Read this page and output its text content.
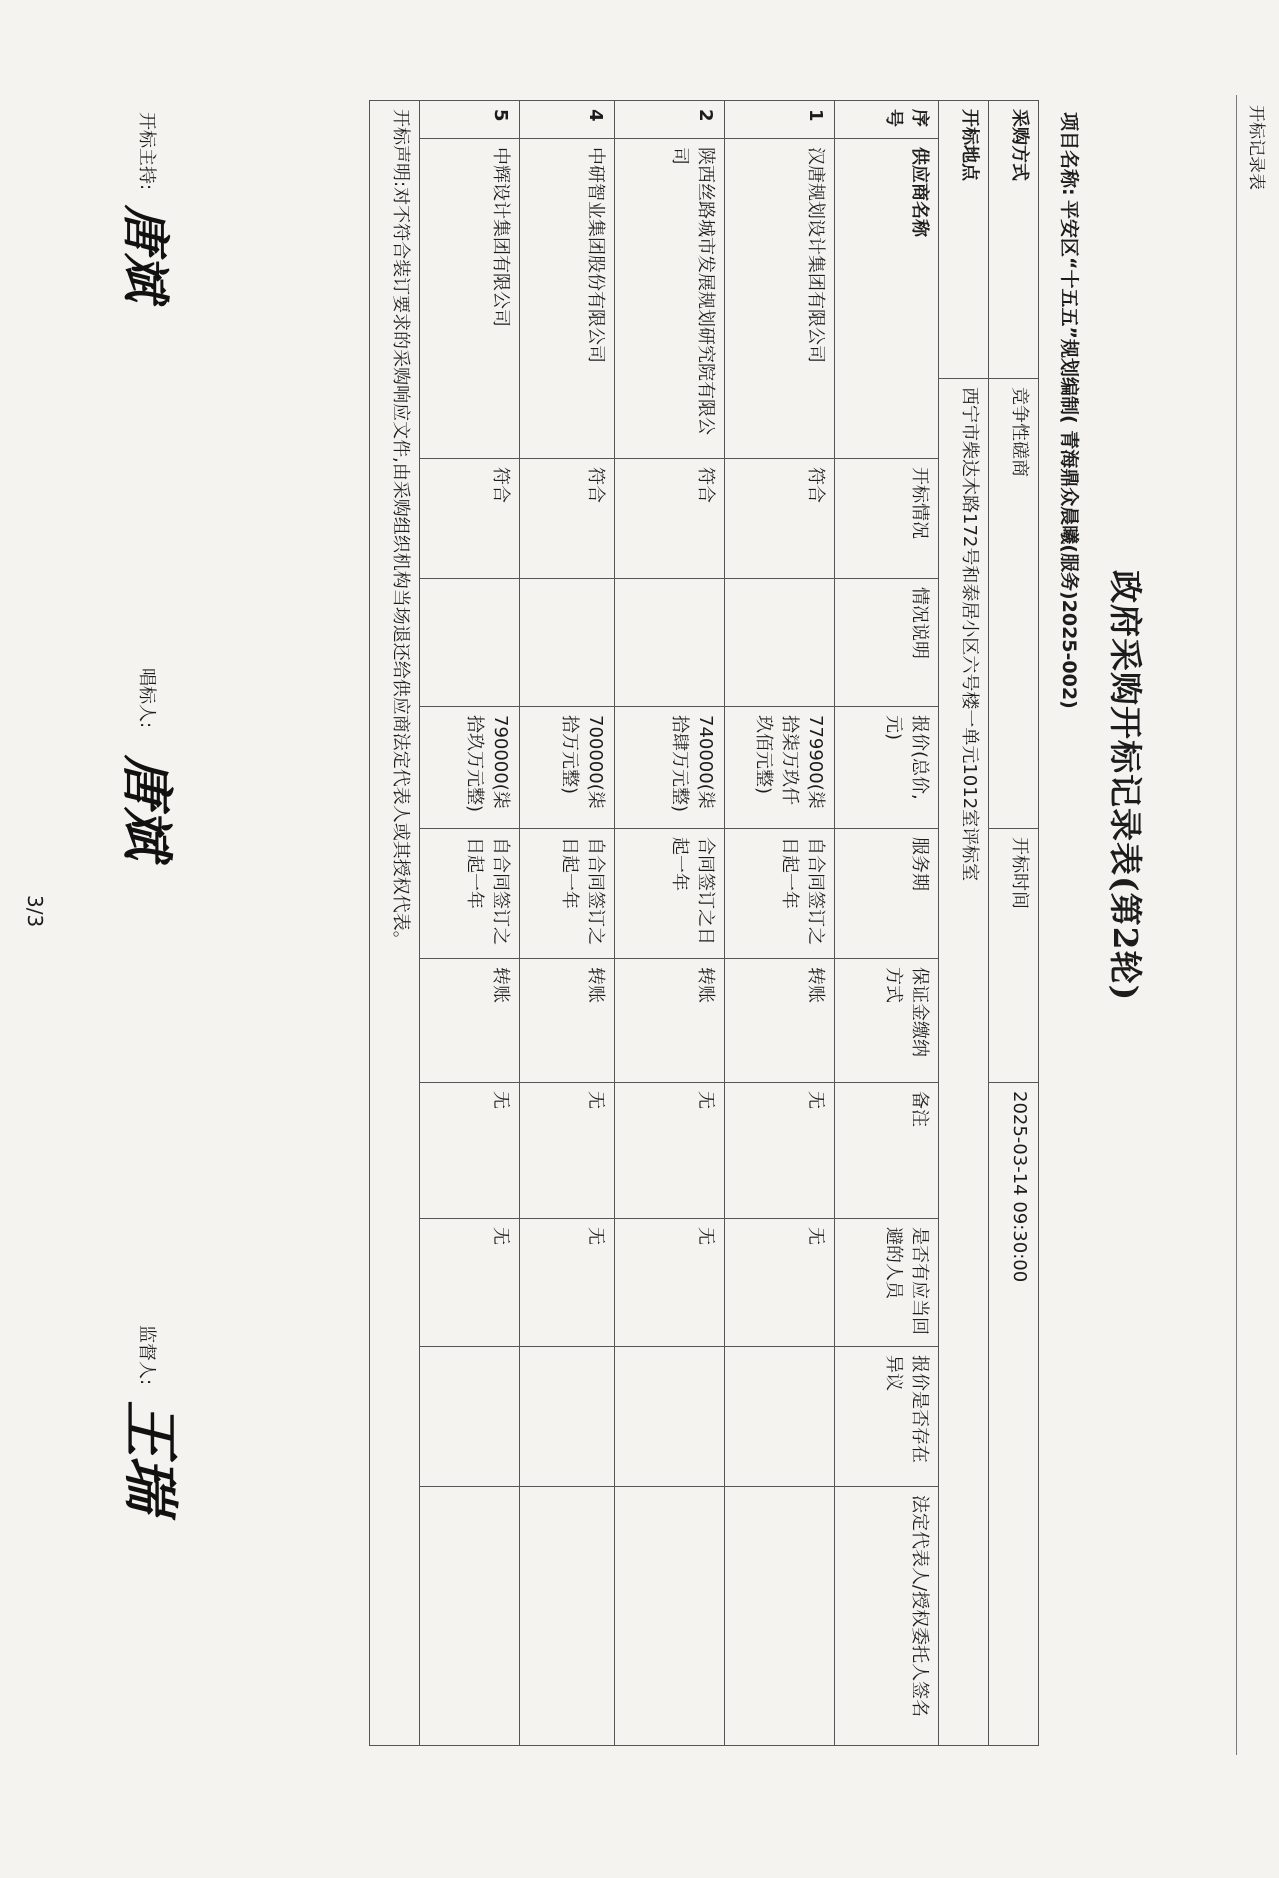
开标记录表
政府采购开标记录表(第2轮)
项目名称:
平安区“十五五”规划编制( 青海鼎众晨曦(服务)2025-002)
采购方式		竞争性磋商				开标时间		2025-03-14 09:30:00			
开标地点		西宁市柴达木路172号和泰居小区六号楼一单元1012室评标室									
序号	供应商名称		开标情况	情况说明	报价(总价,元)	服务期	保证金缴纳方式	备注	是否有应当回避的人员	报价是否存在异议	法定代表人/授权委托人签名
1	汉唐规划设计集团有限公司		符合		779900(柒拾柒万玖仟玖佰元整)	自合同签订之日起一年	转账	无	无		
2	陕西丝路城市发展规划研究院有限公司		符合		740000(柒拾肆万元整)	合同签订之日起一年	转账	无	无		
4	中研智业集团股份有限公司		符合		700000(柒拾万元整)	自合同签订之日起一年	转账	无	无		
5	中辉设计集团有限公司		符合		790000(柒拾玖万元整)	自合同签订之日起一年	转账	无	无		
开标声明:对不符合装订要求的采购响应文件,由采购组织机构当场退还给供应商法定代表人或其授权代表。											
开标主持:
唐斌
唱标人:
唐斌
监督人:
王瑞
3/3
